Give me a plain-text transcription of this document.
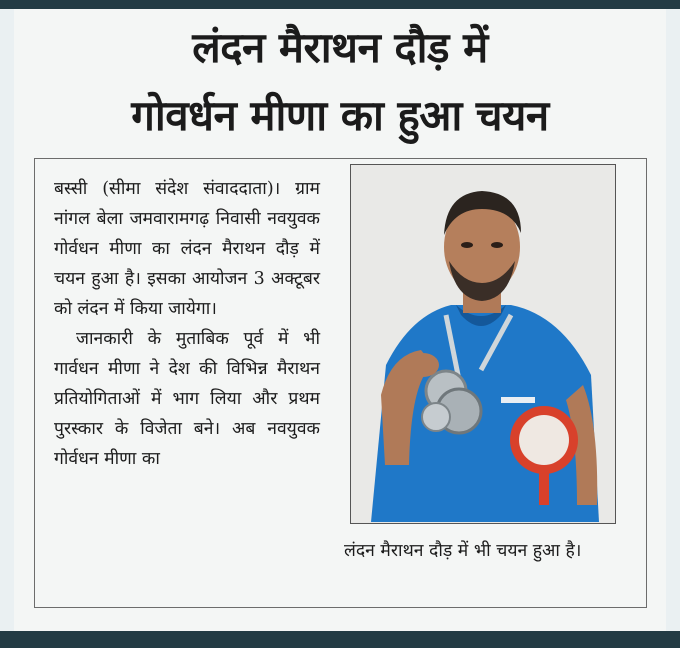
लंदन मैराथन दौड़ में
गोवर्धन मीणा का हुआ चयन

बस्सी (सीमा संदेश संवाददाता)। ग्राम नांगल बेला जमवारामगढ़ निवासी नवयुवक गोर्वधन मीणा का लंदन मैराथन दौड़ में चयन हुआ है। इसका आयोजन 3 अक्टूबर को लंदन में किया जायेगा।

जानकारी के मुताबिक पूर्व में भी गार्वधन मीणा ने देश की विभिन्न मैराथन प्रतियोगिताओं में भाग लिया और प्रथम पुरस्कार के विजेता बने। अब नवयुवक गोर्वधन मीणा का

लंदन मैराथन दौड़ में भी चयन हुआ है।
